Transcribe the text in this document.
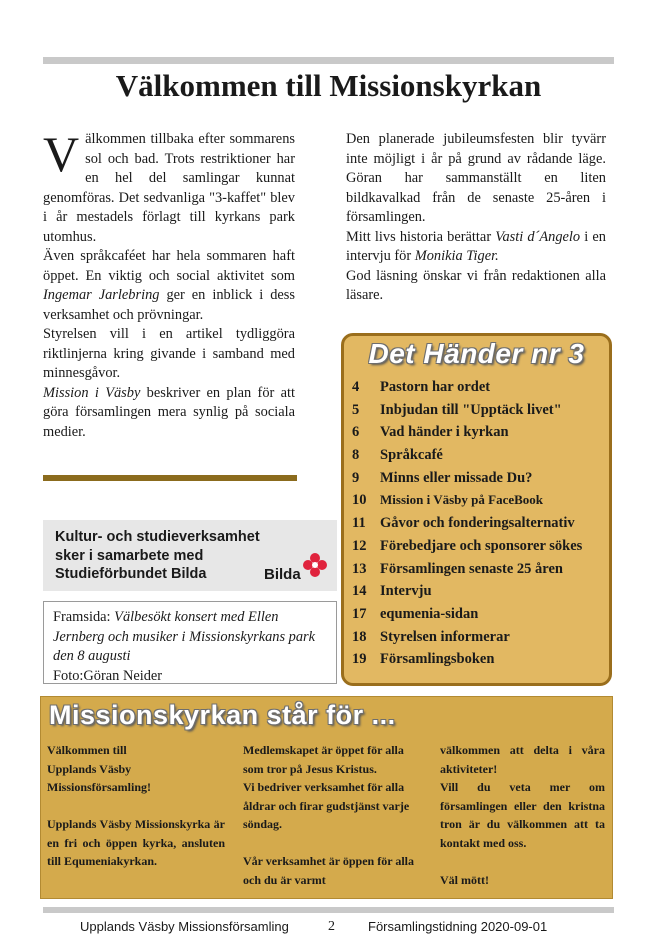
Välkommen till Missionskyrkan

Välkommen tillbaka efter sommarens sol och bad. Trots restriktioner har en hel del samlingar kunnat genomföras. Det sedvanliga "3-kaffet" blev i år mestadels förlagt till kyrkans park utomhus.

Även språkcaféet har hela sommaren haft öppet. En viktig och social aktivitet som Ingemar Jarlebring ger en inblick i dess verksamhet och prövningar.

Styrelsen vill i en artikel tydliggöra riktlinjerna kring givande i samband med minnesgåvor.

Mission i Väsby beskriver en plan för att göra församlingen mera synlig på sociala medier.

Den planerade jubileumsfesten blir tyvärr inte möjligt i år på grund av rådande läge. Göran har sammanställt en liten bildkavalkad från de senaste 25-åren i församlingen.

Mitt livs historia berättar Vasti d´Angelo i en intervju för Monikia Tiger.

God läsning önskar vi från redaktionen alla läsare.

Kultur- och studieverksamhet sker i samarbete med Studieförbundet Bilda	Bilda
Framsida: Välbesökt konsert med Ellen Jernberg och musiker i Missionskyrkans park den 8 augusti
Foto:Göran Neider
Det Händer nr 3
4	Pastorn har ordet
5	Inbjudan till "Upptäck livet"
6	Vad händer i kyrkan
8	Språkcafé
9	Minns eller missade Du?
10	Mission i Väsby på FaceBook
11 Gåvor och fonderingsalternativ
12 Förebedjare och sponsorer sökes
13 Församlingen senaste 25 åren
14 Intervju
17 equmenia-sidan
18 Styrelsen informerar
19 Församlingsboken
Missionskyrkan står för ...

Välkommen till

Upplands Väsby

Missionsförsamling!

Upplands Väsby Missionskyrka är en fri och öppen kyrka, ansluten till Equmeniakyrkan.

Medlemskapet är öppet för alla som tror på Jesus Kristus.

Vi bedriver verksamhet för alla åldrar och firar gudstjänst varje söndag.

Vår verksamhet är öppen för alla och du är varmt

välkommen att delta i våra aktiviteter!

Vill du veta mer om församlingen eller den kristna tron är du välkommen att ta kontakt med oss.

Väl mött!

Upplands Väsby Missionsförsamling	2	Församlingstidning 2020-09-01
